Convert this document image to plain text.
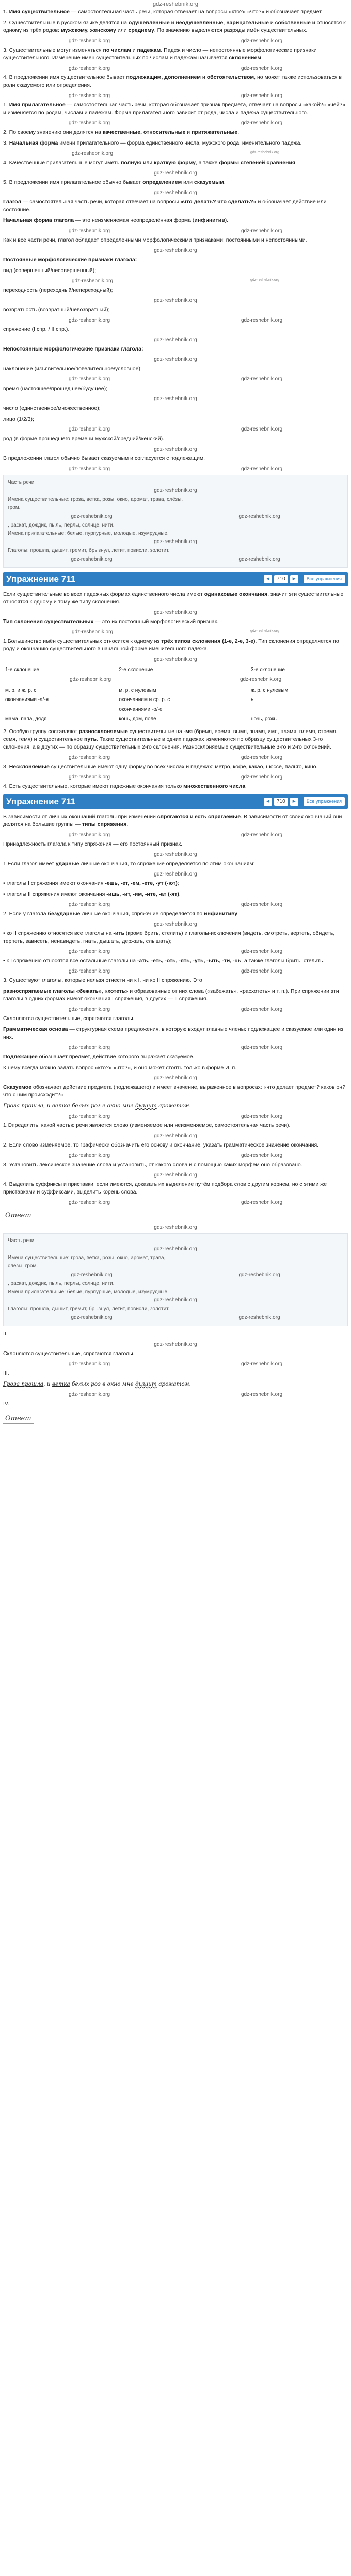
gdz-reshebnik.org

1. Имя существительное — самостоятельная часть речи, которая отвечает на вопросы «кто?» «что?» и обозначает предмет.

2. Существительные в русском языке делятся на одушевлённые и неодушевлённые, нарицательные и собственные и относятся к одному из трёх родов: мужскому, женскому или среднему. По значению выделяются разряды имён существительных.

gdz-reshebnik.org	gdz-reshebnik.org

3. Существительные могут изменяться по числам и падежам. Падеж и число — непостоянные морфологические признаки существительного. Изменение имён существительных по числам и падежам называется склонением.

gdz-reshebnik.org	gdz-reshebnik.org

4. В предложении имя существительное бывает подлежащим, дополнением и обстоятельством, но может также использоваться в роли сказуемого или определения.

gdz-reshebnik.org	gdz-reshebnik.org

1. Имя прилагательное — самостоятельная часть речи, которая обозначает признак предмета, отвечает на вопросы «какой?» «чей?» и изменяется по родам, числам и падежам. Форма прилагательного зависит от рода, числа и падежа существительного.

gdz-reshebnik.org	gdz-reshebnik.org

2. По своему значению они делятся на качественные, относительные и притяжательные.

3. Начальная форма имени прилагательного — форма единственного числа, мужского рода, именительного падежа.

gdz-reshebnik.org	gdz-reshebnik.org

4. Качественные прилагательные могут иметь полную или краткую форму, а также формы степеней сравнения.

gdz-reshebnik.org

5. В предложении имя прилагательное обычно бывает определением или сказуемым.

gdz-reshebnik.org

Глагол — самостоятельная часть речи, которая отвечает на вопросы «что делать? что сделать?» и обозначает действие или состояние.

Начальная форма глагола — это неизменяемая неопределённая форма (инфинитив).

gdz-reshebnik.org	gdz-reshebnik.org

Как и все части речи, глагол обладает определёнными морфологическими признаками: постоянными и непостоянными.

gdz-reshebnik.org

Постоянные морфологические признаки глагола:

вид (совершенный/несовершенный);

gdz-reshebnik.org	gdz-reshebnik.org

переходность (переходный/непереходный);

gdz-reshebnik.org

возвратность (возвратный/невозвратный);

gdz-reshebnik.org	gdz-reshebnik.org

спряжение (I спр. / II спр.).

gdz-reshebnik.org

Непостоянные морфологические признаки глагола:

gdz-reshebnik.org

наклонение (изъявительное/повелительное/условное);

gdz-reshebnik.org	gdz-reshebnik.org

время (настоящее/прошедшее/будущее);

gdz-reshebnik.org

число (единственное/множественное);

лицо (1/2/3);

gdz-reshebnik.org	gdz-reshebnik.org

род (в форме прошедшего времени мужской/средний/женский).

gdz-reshebnik.org

В предложении глагол обычно бывает сказуемым и согласуется с подлежащим.

gdz-reshebnik.org	gdz-reshebnik.org
Часть речи
gdz-reshebnik.org
Имена существительные: гроза, ветка, розы, окно, аромат, трава, слёзы,
гром.
gdz-reshebnik.org	gdz-reshebnik.org
, раскат, дождик, пыль, перлы, солнце, нити.
Имена прилагательные: белые, пурпурные, молодые, изумрудные.
gdz-reshebnik.org
Глаголы: прошла, дышит, гремит, брызнул, летит, повисли, золотит.
gdz-reshebnik.org	gdz-reshebnik.org
Упражнение 711	◄	710	►	Все упражнения

Если существительные во всех падежных формах единственного числа имеют одинаковые окончания, значит эти существительные относятся к одному и тому же типу склонения.

gdz-reshebnik.org

Тип склонения существительных — это их постоянный морфологический признак.

gdz-reshebnik.org	gdz-reshebnik.org

1.Большинство имён существительных относится к одному из трёх типов склонения (1-е, 2-е, 3-е). Тип склонения определяется по роду и окончанию существительного в начальной форме именительного падежа.

gdz-reshebnik.org
1-е склонение	2-е склонение	3-е склонение

gdz-reshebnik.org gdz-reshebnik.org		

м. р. и ж. р. с	м. р. с нулевым	ж. р. с нулевым
окончаниями -а/-я	окончанием и ср. р. с	ь
	окончаниями -о/-е	
мама, папа, дядя	конь, дом, поле	ночь, рожь

2. Особую группу составляют разносклоняемые существительные на -мя (бремя, время, вымя, знамя, имя, пламя, племя, стремя, семя, темя) и существительное путь. Такие существительные в одних падежах изменяются по образцу существительных 3-го склонения, а в других — по образцу существительных 2-го склонения. Разносклоняемые существительные 3-го и 2-го склонений.

gdz-reshebnik.org	gdz-reshebnik.org

3. Несклоняемые существительные имеют одну форму во всех числах и падежах: метро, кофе, какао, шоссе, пальто, кино.

gdz-reshebnik.org	gdz-reshebnik.org

4. Есть существительные, которые имеют падежные окончания только множественного числа

Упражнение 711	◄	710	►	Все упражнения

В зависимости от личных окончаний глаголы при изменении спрягаются и есть спрягаемые. В зависимости от своих окончаний они делятся на большие группы — типы спряжения.

gdz-reshebnik.org	gdz-reshebnik.org

Принадлежность глагола к типу спряжения — его постоянный признак.

gdz-reshebnik.org

1.Если глагол имеет ударные личные окончания, то спряжение определяется по этим окончаниям:

gdz-reshebnik.org

• глаголы I спряжения имеют окончания -ешь, -ет, -ем, -ете, -ут (-ют);

• глаголы II спряжения имеют окончания -ишь, -ит, -им, -ите, -ат (-ят).

gdz-reshebnik.org	gdz-reshebnik.org

2. Если у глагола безударные личные окончания, спряжение определяется по инфинитиву:

gdz-reshebnik.org

• ко II спряжению относятся все глаголы на -ить (кроме брить, стелить) и глаголы-исключения (видеть, смотреть, вертеть, обидеть, терпеть, зависеть, ненавидеть, гнать, дышать, держать, слышать);

gdz-reshebnik.org	gdz-reshebnik.org

• к I спряжению относятся все остальные глаголы на -ать, -еть, -оть, -ять, -уть, -ыть, -ти, -чь, а также глаголы брить, стелить.

gdz-reshebnik.org	gdz-reshebnik.org

3. Существуют глаголы, которые нельзя отнести ни к I, ни ко II спряжению. Это

разноспрягаемые глаголы «бежать», «хотеть» и образованные от них слова («забежать», «расхотеть» и т. п.). При спряжении эти глаголы в одних формах имеют окончания I спряжения, в других — II спряжения.

gdz-reshebnik.org	gdz-reshebnik.org

Склоняются существительные, спрягаются глаголы.

Грамматическая основа — структурная схема предложения, в которую входят главные члены: подлежащее и сказуемое или один из них.

gdz-reshebnik.org	gdz-reshebnik.org

Подлежащее обозначает предмет, действие которого выражает сказуемое.

К нему всегда можно задать вопрос «кто?» «что?», и оно может стоять только в форме И. п.

gdz-reshebnik.org

Сказуемое обозначает действие предмета (подлежащего) и имеет значение, выраженное в вопросах: «что делает предмет? каков он? что с ним происходит?»

Гроза прошла, и ветка белых роз в окно мне дышит ароматом.

gdz-reshebnik.org	gdz-reshebnik.org

1.Определить, какой частью речи является слово (изменяемое или неизменяемое, самостоятельная часть речи).

gdz-reshebnik.org

2. Если слово изменяемое, то графически обозначить его основу и окончание, указать грамматическое значение окончания.

gdz-reshebnik.org	gdz-reshebnik.org

3. Установить лексическое значение слова и установить, от какого слова и с помощью каких морфем оно образовано.

gdz-reshebnik.org

4. Выделить суффиксы и приставки; если имеются, доказать их выделение путём подбора слов с другим корнем, но с этими же приставками и суффиксами, выделить корень слова.

gdz-reshebnik.org	gdz-reshebnik.org
Ответ
gdz-reshebnik.org
Часть речи
gdz-reshebnik.org
Имена существительные: гроза, ветка, розы, окно, аромат, трава,
слёзы, гром.
gdz-reshebnik.org	gdz-reshebnik.org
, раскат, дождик, пыль, перлы, солнце, нити.
Имена прилагательные: белые, пурпурные, молодые, изумрудные.
gdz-reshebnik.org
Глаголы: прошла, дышит, гремит, брызнул, летит, повисли, золотит.
gdz-reshebnik.org	gdz-reshebnik.org

II.

gdz-reshebnik.org

Склоняются существительные, спрягаются глаголы.

gdz-reshebnik.org	gdz-reshebnik.org

III.

Гроза прошла, и ветка белых роз в окно мне дышит ароматом.

gdz-reshebnik.org	gdz-reshebnik.org

IV.

Ответ
